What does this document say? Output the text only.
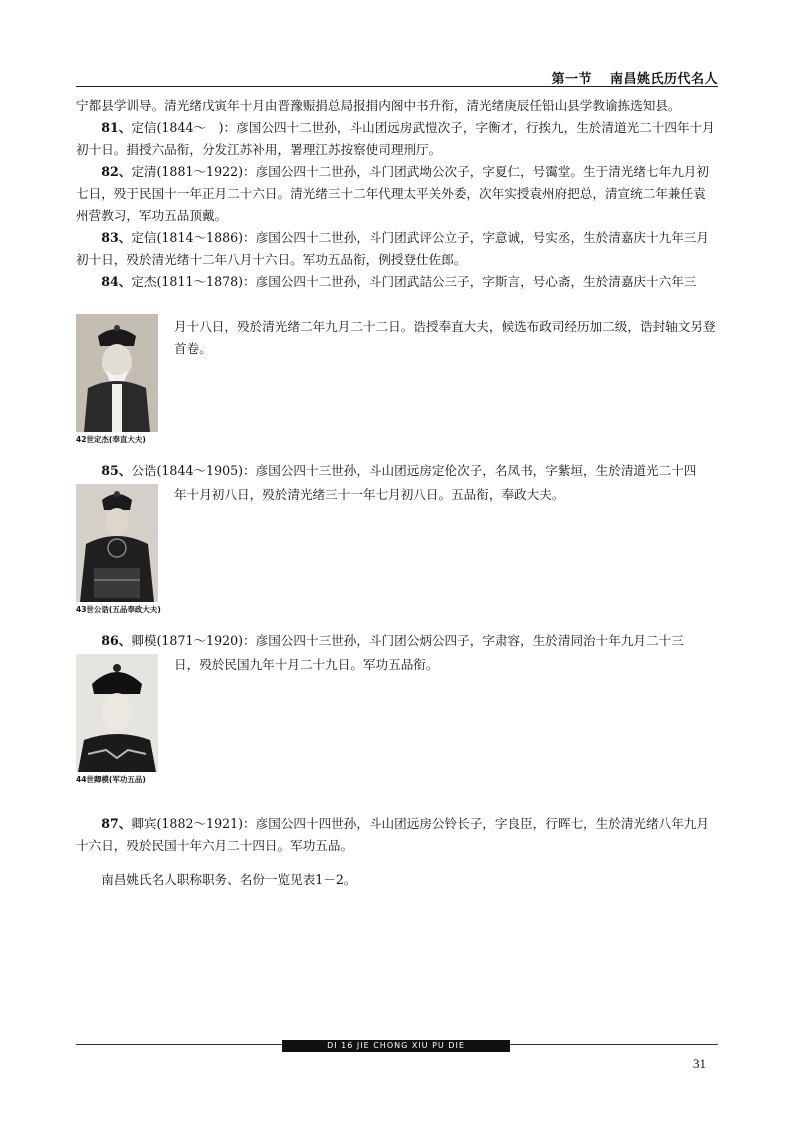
第一节 南昌姚氏历代名人

宁都县学训导。清光绪戊寅年十月由晋豫赈捐总局报捐内阁中书升衔，清光绪庚辰任铅山县学教谕拣选知县。

81、定信(1844～　)：彦国公四十二世孙，斗山团远房武愷次子，字衡才，行挨九，生於清道光二十四年十月初十日。捐授六品衔，分发江苏补用，署理江苏按察使司理刑厅。

82、定清(1881～1922)：彦国公四十二世孙，斗门团武坳公次子，字夏仁，号霭堂。生于清光绪七年九月初七日，殁于民国十一年正月二十六日。清光绪三十二年代理太平关外委，次年实授袁州府把总，清宣统二年兼任袁州营教习，军功五品顶戴。

83、定信(1814～1886)：彦国公四十二世孙，斗门团武评公立子，字意诚，号实丞，生於清嘉庆十九年三月初十日，殁於清光绪十二年八月十六日。军功五品衔，例授登仕佐郎。

84、定杰(1811～1878)：彦国公四十二世孙，斗门团武詰公三子，字斯言，号心斋，生於清嘉庆十六年三

42世定杰(奉直大夫)
月十八日，殁於清光绪二年九月二十二日。诰授奉直大夫，候选布政司经历加二级，诰封轴文另登首卷。

85、公诰(1844～1905)：彦国公四十三世孙，斗山团远房定伦次子，名凤书，字紫垣，生於清道光二十四

43世公诰(五品奉政大夫)
年十月初八日，殁於清光绪三十一年七月初八日。五品衔，奉政大夫。

86、卿模(1871～1920)：彦国公四十三世孙，斗门团公炳公四子，字肃容，生於清同治十年九月二十三

44世卿模(军功五品)
日，殁於民国九年十月二十九日。军功五品衔。

87、卿宾(1882～1921)：彦国公四十四世孙，斗山团远房公铃长子，字良臣，行晖七，生於清光绪八年九月十六日，殁於民国十年六月二十四日。军功五品。

南昌姚氏名人职称职务、名份一览见表1－2。

DI 16 JIE CHONG XIU PU DIE
31
